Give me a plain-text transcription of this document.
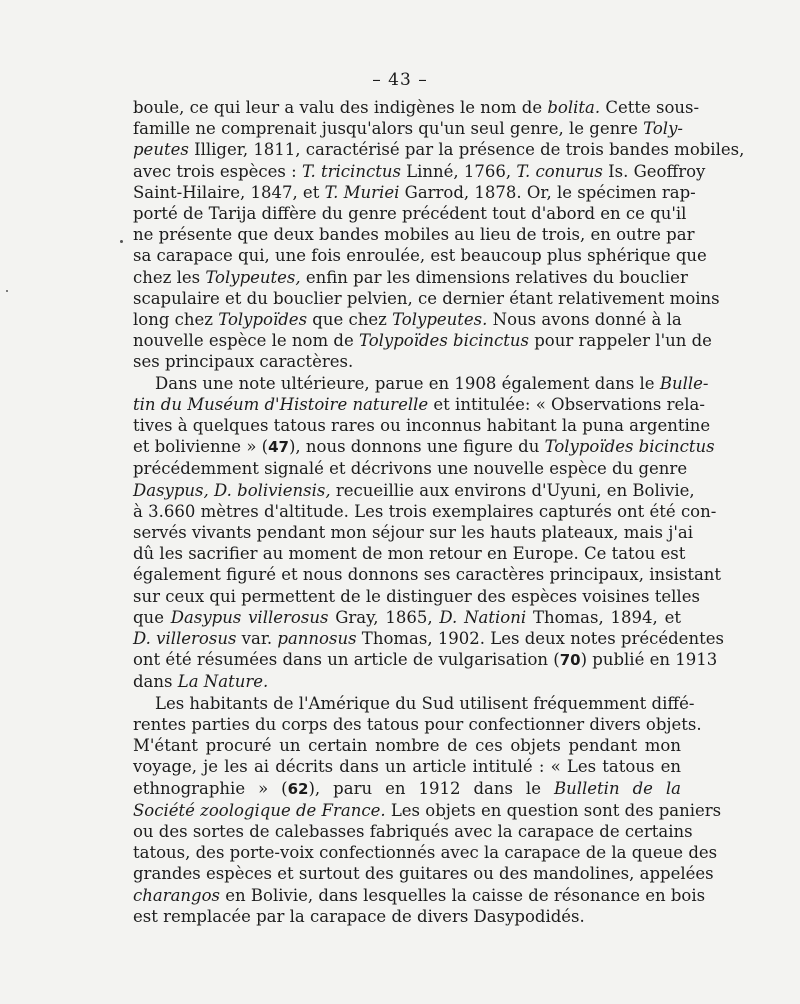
– 43 –

boule, ce qui leur a valu des indigènes le nom de bolita. Cette sous-
famille ne comprenait jusqu'alors qu'un seul genre, le genre Toly-
peutes Illiger, 1811, caractérisé par la présence de trois bandes mobiles,
avec trois espèces : T. tricinctus Linné, 1766, T. conurus Is. Geoffroy
Saint-Hilaire, 1847, et T. Muriei Garrod, 1878. Or, le spécimen rap-
porté de Tarija diffère du genre précédent tout d'abord en ce qu'il
ne présente que deux bandes mobiles au lieu de trois, en outre par
sa carapace qui, une fois enroulée, est beaucoup plus sphérique que
chez les Tolypeutes, enfin par les dimensions relatives du bouclier
scapulaire et du bouclier pelvien, ce dernier étant relativement moins
long chez Tolypoïdes que chez Tolypeutes. Nous avons donné à la
nouvelle espèce le nom de Tolypoïdes bicinctus pour rappeler l'un de
ses principaux caractères.

Dans une note ultérieure, parue en 1908 également dans le Bulle-
tin du Muséum d'Histoire naturelle et intitulée: « Observations rela-
tives à quelques tatous rares ou inconnus habitant la puna argentine
et bolivienne » (47), nous donnons une figure du Tolypoïdes bicinctus
précédemment signalé et décrivons une nouvelle espèce du genre
Dasypus, D. boliviensis, recueillie aux environs d'Uyuni, en Bolivie,
à 3.660 mètres d'altitude. Les trois exemplaires capturés ont été con-
servés vivants pendant mon séjour sur les hauts plateaux, mais j'ai
dû les sacrifier au moment de mon retour en Europe. Ce tatou est
également figuré et nous donnons ses caractères principaux, insistant
sur ceux qui permettent de le distinguer des espèces voisines telles
que Dasypus villerosus Gray, 1865, D. Nationi Thomas, 1894, et
D. villerosus var. pannosus Thomas, 1902. Les deux notes précédentes
ont été résumées dans un article de vulgarisation (70) publié en 1913
dans La Nature.

Les habitants de l'Amérique du Sud utilisent fréquemment diffé-
rentes parties du corps des tatous pour confectionner divers objets.
M'étant procuré un certain nombre de ces objets pendant mon
voyage, je les ai décrits dans un article intitulé : « Les tatous en
ethnographie » (62), paru en 1912 dans le Bulletin de la
Société zoologique de France. Les objets en question sont des paniers
ou des sortes de calebasses fabriqués avec la carapace de certains
tatous, des porte-voix confectionnés avec la carapace de la queue des
grandes espèces et surtout des guitares ou des mandolines, appelées
charangos en Bolivie, dans lesquelles la caisse de résonance en bois
est remplacée par la carapace de divers Dasypodidés.
